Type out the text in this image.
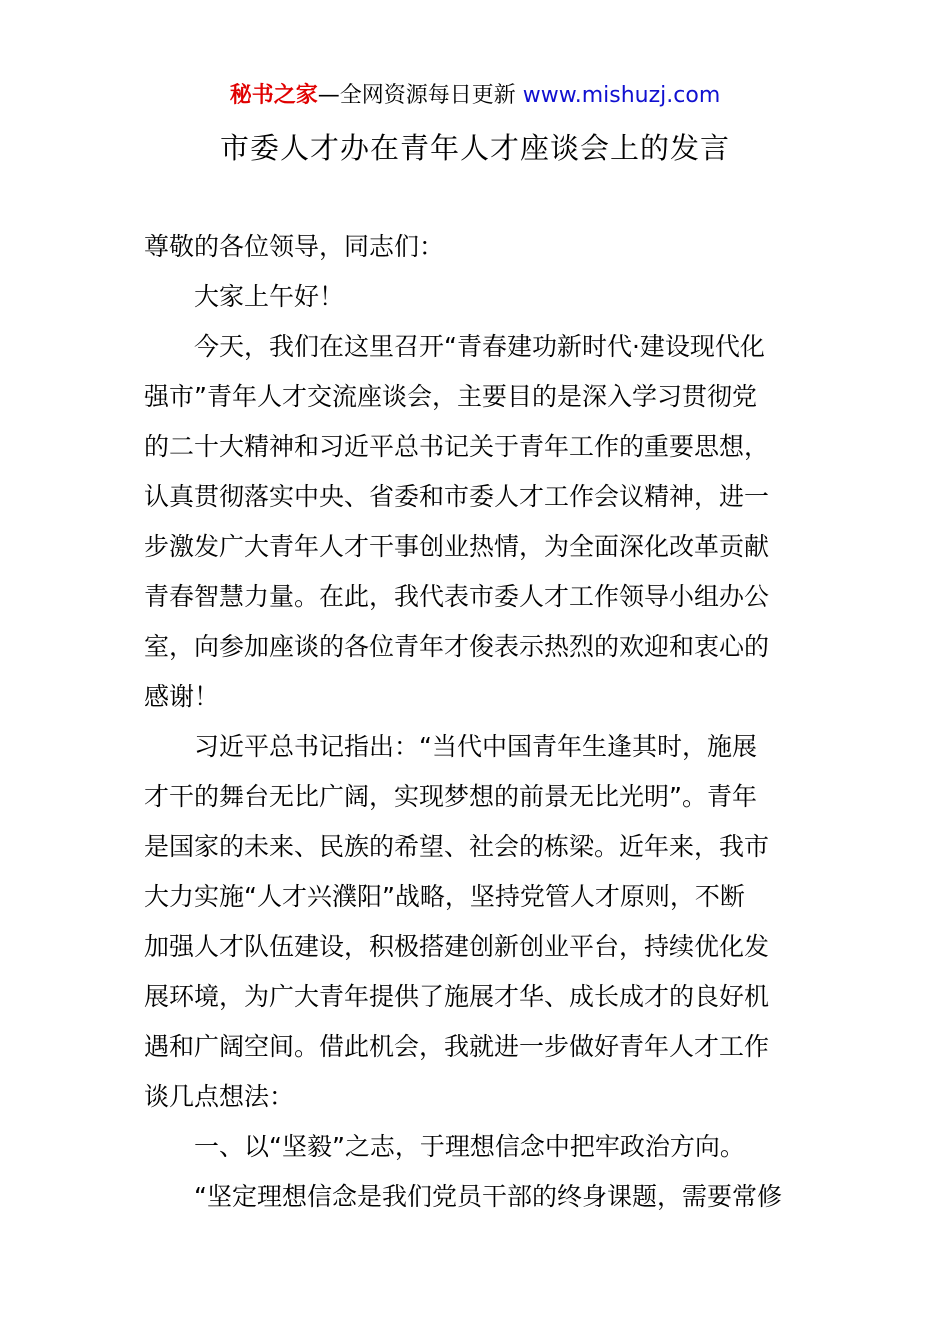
秘书之家—全网资源每日更新 www.mishuzj.com
市委人才办在青年人才座谈会上的发言
尊敬的各位领导，同志们：
大家上午好！
今天，我们在这里召开“青春建功新时代·建设现代化
强市”青年人才交流座谈会，主要目的是深入学习贯彻党
的二十大精神和习近平总书记关于青年工作的重要思想，
认真贯彻落实中央、省委和市委人才工作会议精神，进一
步激发广大青年人才干事创业热情，为全面深化改革贡献
青春智慧力量。在此，我代表市委人才工作领导小组办公
室，向参加座谈的各位青年才俊表示热烈的欢迎和衷心的
感谢！
习近平总书记指出：“当代中国青年生逢其时，施展
才干的舞台无比广阔，实现梦想的前景无比光明”。青年
是国家的未来、民族的希望、社会的栋梁。近年来，我市
大力实施“人才兴濮阳”战略，坚持党管人才原则，不断
加强人才队伍建设，积极搭建创新创业平台，持续优化发
展环境，为广大青年提供了施展才华、成长成才的良好机
遇和广阔空间。借此机会，我就进一步做好青年人才工作
谈几点想法：
一、以“坚毅”之志，于理想信念中把牢政治方向。
“坚定理想信念是我们党员干部的终身课题，需要常修
